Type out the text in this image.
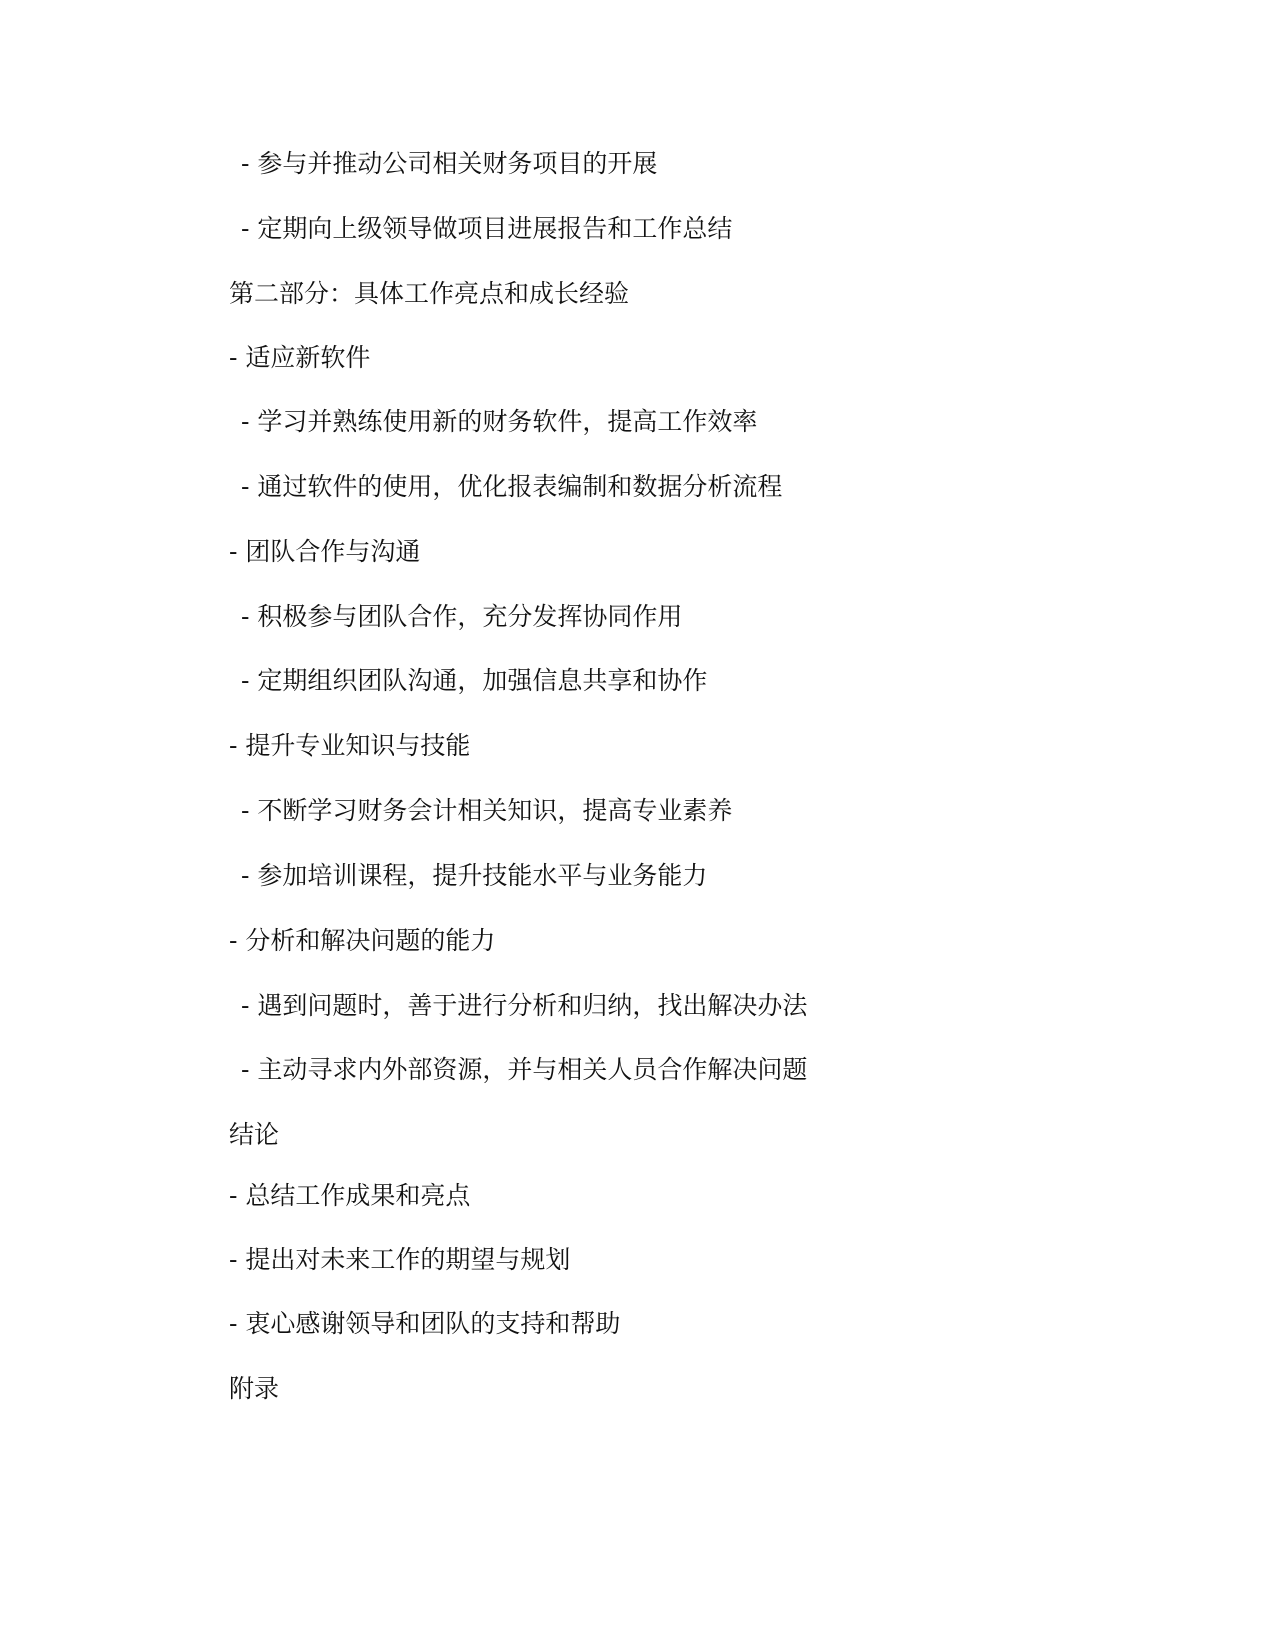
- 参与并推动公司相关财务项目的开展
- 定期向上级领导做项目进展报告和工作总结
第二部分：具体工作亮点和成长经验
- 适应新软件
- 学习并熟练使用新的财务软件，提高工作效率
- 通过软件的使用，优化报表编制和数据分析流程
- 团队合作与沟通
- 积极参与团队合作，充分发挥协同作用
- 定期组织团队沟通，加强信息共享和协作
- 提升专业知识与技能
- 不断学习财务会计相关知识，提高专业素养
- 参加培训课程，提升技能水平与业务能力
- 分析和解决问题的能力
- 遇到问题时，善于进行分析和归纳，找出解决办法
- 主动寻求内外部资源，并与相关人员合作解决问题
结论
- 总结工作成果和亮点
- 提出对未来工作的期望与规划
- 衷心感谢领导和团队的支持和帮助
附录
